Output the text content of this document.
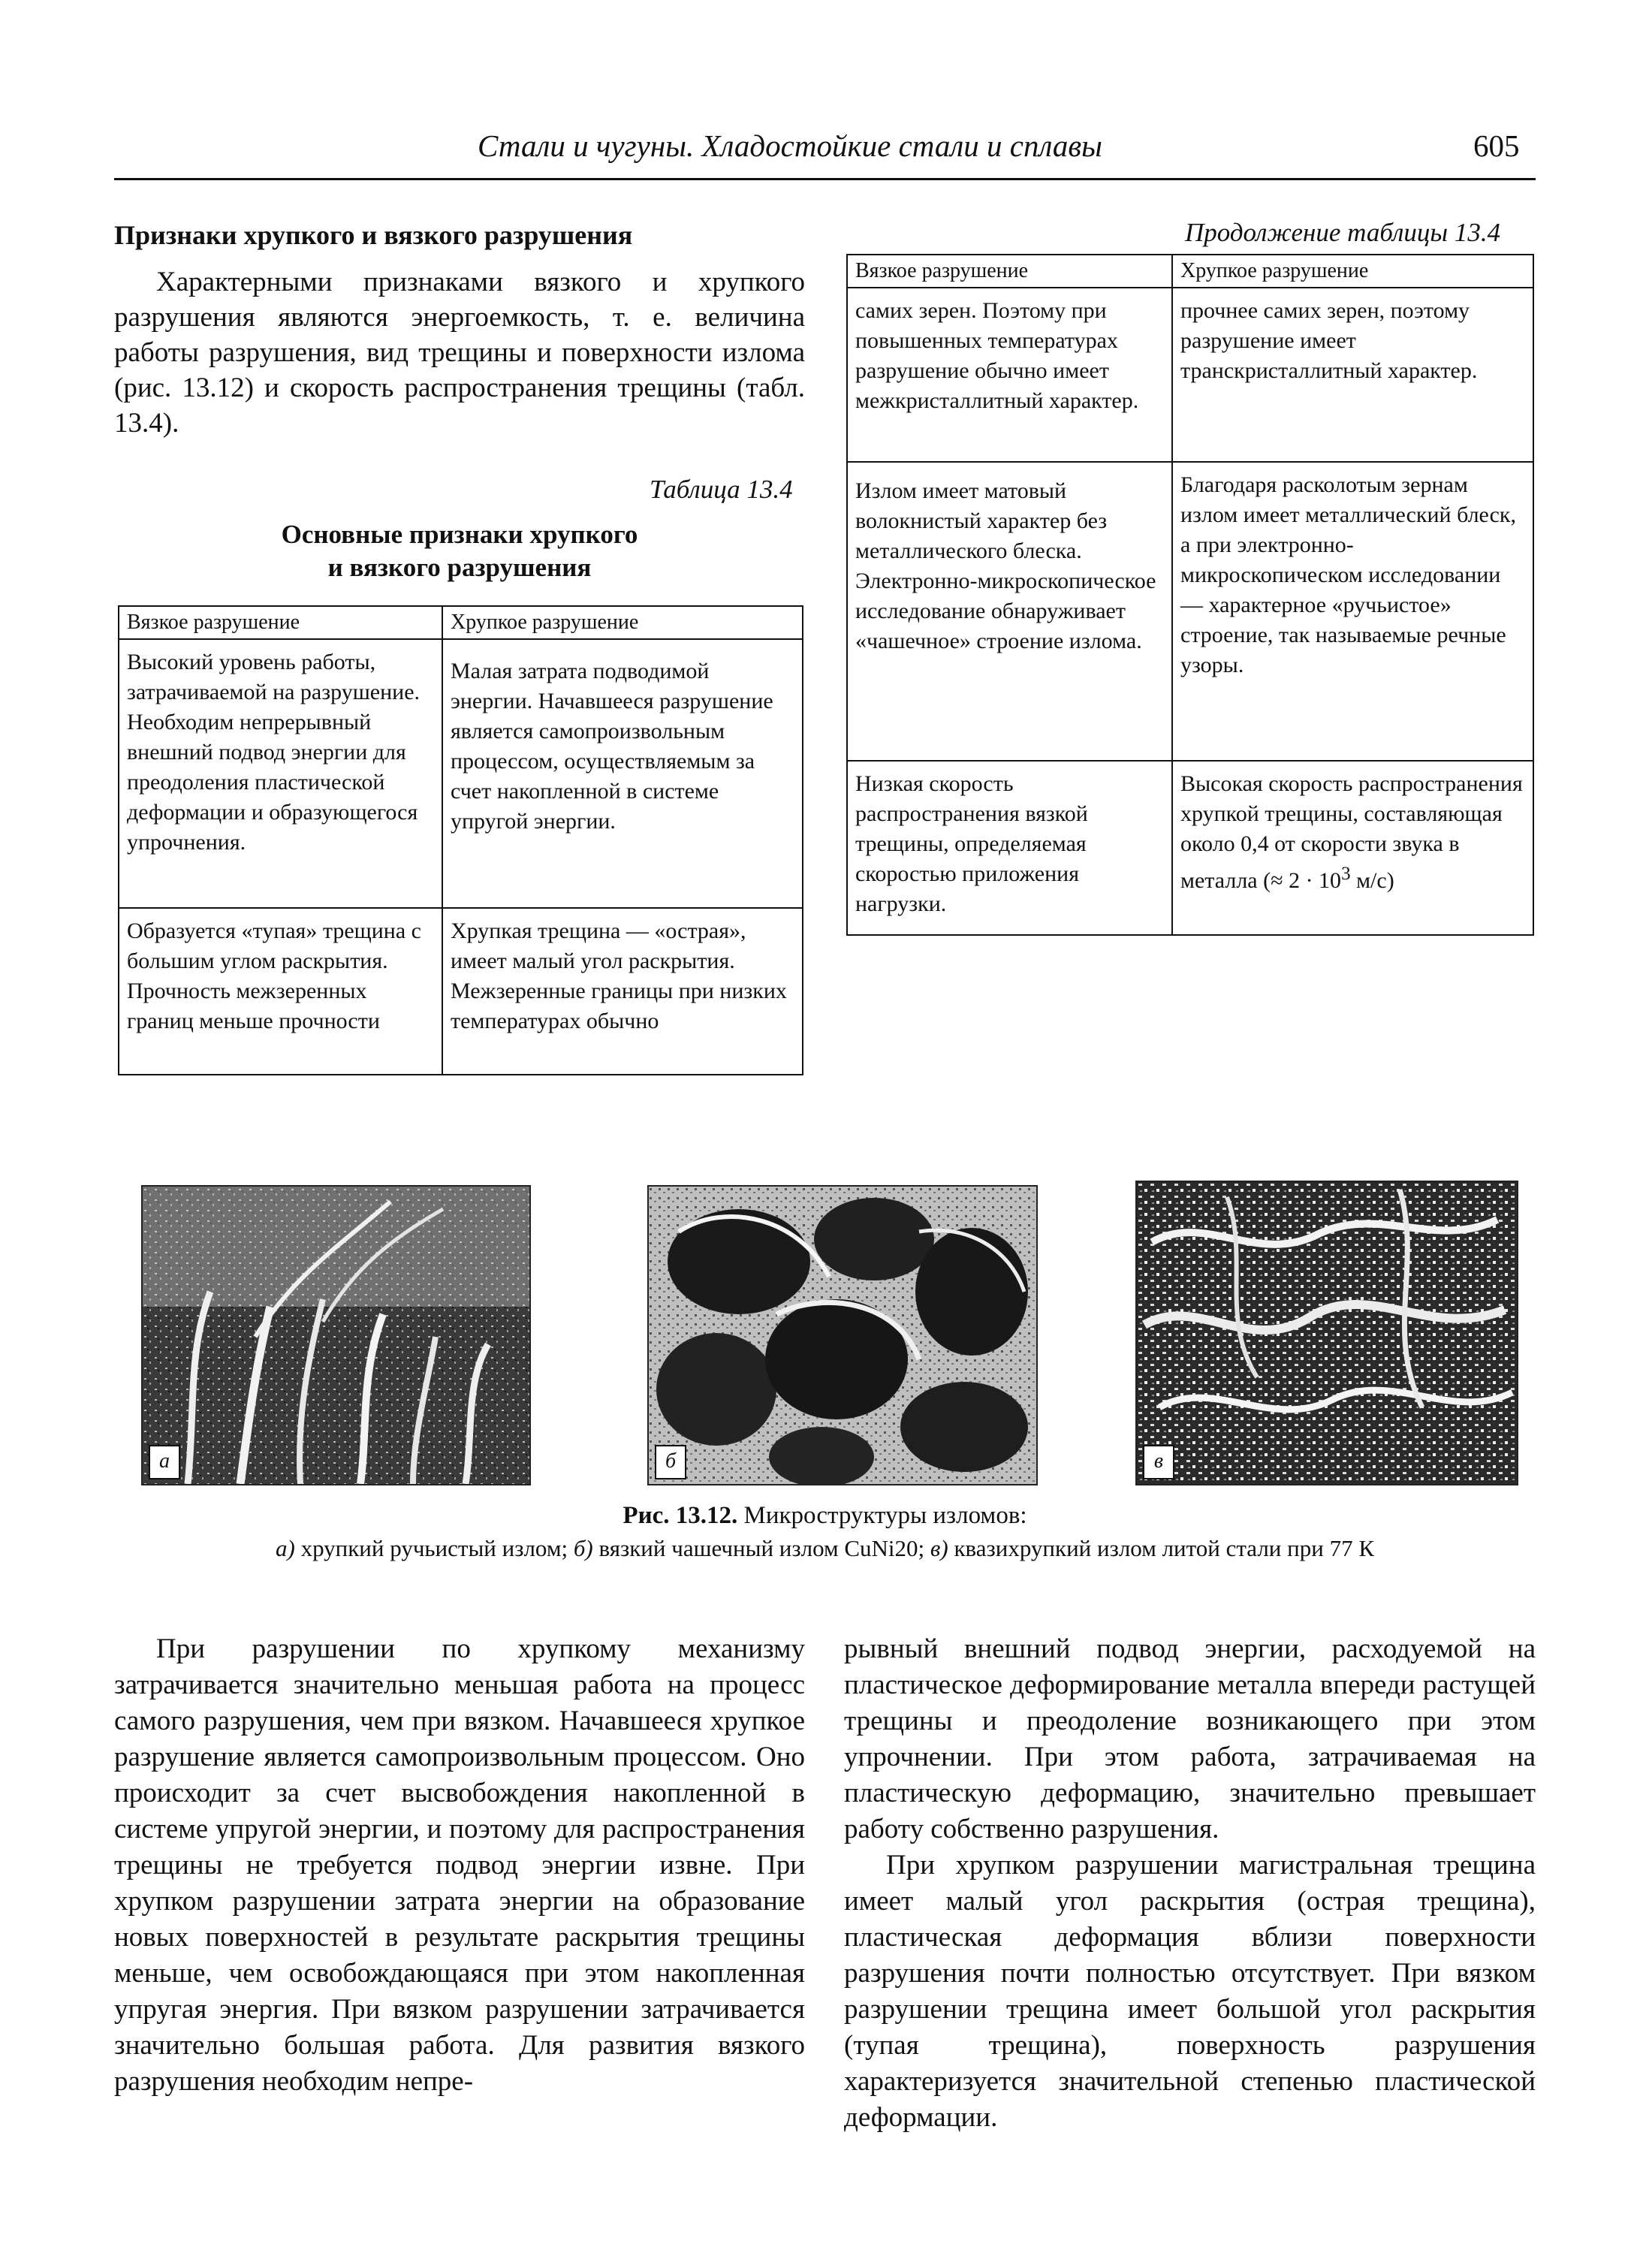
Стали и чугуны. Хладостойкие стали и сплавы	605
Признаки хрупкого и вязкого разрушения
Характерными признаками вязкого и хрупкого разрушения являются энергоемкость, т. е. величина работы разрушения, вид трещины и поверхности излома (рис. 13.12) и скорость распространения трещины (табл. 13.4).
Таблица 13.4
Основные признаки хрупкого
и вязкого разрушения
Вязкое разрушение	Хрупкое разрушение
Высокий уровень работы, затрачиваемой на разрушение. Необходим непрерывный внешний подвод энергии для преодоления пластической деформации и образующегося упрочнения.	Малая затрата подводимой энергии. Начавшееся разрушение является самопроизвольным процессом, осуществляемым за счет накопленной в системе упругой энергии.
Образуется «тупая» трещина с большим углом раскрытия. Прочность межзеренных границ меньше прочности	Хрупкая трещина — «острая», имеет малый угол раскрытия. Межзеренные границы при низких температурах обычно
Продолжение таблицы 13.4
Вязкое разрушение	Хрупкое разрушение
самих зерен. Поэтому при повышенных температурах разрушение обычно имеет межкристаллитный характер.	прочнее самих зерен, поэтому разрушение имеет транскристаллитный характер.
Излом имеет матовый волокнистый характер без металлического блеска. Электронно-микроскопическое исследование обнаруживает «чашечное» строение излома.	Благодаря расколотым зернам излом имеет металлический блеск, а при электронно-микроскопическом исследовании — характерное «ручьистое» строение, так называемые речные узоры.
Низкая скорость распространения вязкой трещины, определяемая скоростью приложения нагрузки.	Высокая скорость распространения хрупкой трещины, составляющая около 0,4 от скорости звука в металла (≈ $2 \cdot 10^3$ м/с)
а	б	в
Рис. 13.12. Микроструктуры изломов:
а) хрупкий ручьистый излом; б) вязкий чашечный излом CuNi20; в) квазихрупкий излом литой стали при 77 К
При разрушении по хрупкому механизму затрачивается значительно меньшая работа на процесс самого разрушения, чем при вязком. Начавшееся хрупкое разрушение является самопроизвольным процессом. Оно происходит за счет высвобождения накопленной в системе упругой энергии, и поэтому для распространения трещины не требуется подвод энергии извне. При хрупком разрушении затрата энергии на образование новых поверхностей в результате раскрытия трещины меньше, чем освобождающаяся при этом накопленная упругая энергия. При вязком разрушении затрачивается значительно большая работа. Для развития вязкого разрушения необходим непре-

рывный внешний подвод энергии, расходуемой на пластическое деформирование металла впереди растущей трещины и преодоление возникающего при этом упрочнении. При этом работа, затрачиваемая на пластическую деформацию, значительно превышает работу собственно разрушения.

При хрупком разрушении магистральная трещина имеет малый угол раскрытия (острая трещина), пластическая деформация вблизи поверхности разрушения почти полностью отсутствует. При вязком разрушении трещина имеет большой угол раскрытия (тупая трещина), поверхность разрушения характеризуется значительной степенью пластической деформации.
